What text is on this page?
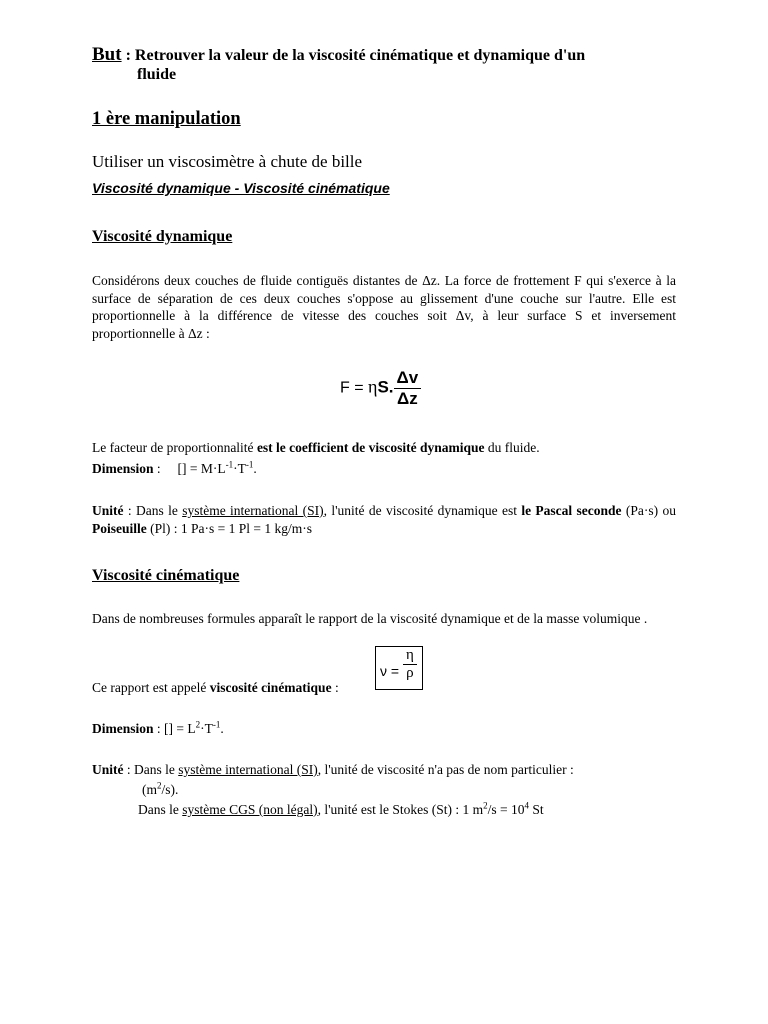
But : Retrouver la valeur de la viscosité cinématique et dynamique d'un
fluide
1 ère manipulation
Utiliser un viscosimètre à chute de bille
Viscosité dynamique - Viscosité cinématique
Viscosité dynamique
Considérons deux couches de fluide contiguës distantes de Δz. La force de frottement F qui s'exerce à la surface de séparation de ces deux couches s'oppose au glissement d'une couche sur l'autre. Elle est proportionnelle à la différence de vitesse des couches soit Δv, à leur surface S et inversement proportionnelle à Δz :
F = ηS. $\frac{\Delta v}{\Delta z}$
Le facteur de proportionnalité est le coefficient de viscosité dynamique du fluide.
Dimension :     [] = $M\cdot L^{-1}\cdot T^{-1}$.
Unité : Dans le système international (SI), l'unité de viscosité dynamique est le Pascal seconde (Pa·s) ou Poiseuille (Pl) : 1 Pa·s = 1 Pl = 1 kg/m·s
Viscosité cinématique
Dans de nombreuses formules apparaît le rapport de la viscosité dynamique et de la masse volumique .
$\nu = \frac{\eta}{\rho}$
Ce rapport est appelé viscosité cinématique :
Dimension : [] = $L^2\cdot T^{-1}$.
Unité : Dans le système international (SI), l'unité de viscosité n'a pas de nom particulier :
$(m^2/s)$.
Dans le système CGS (non légal), l'unité est le Stokes (St) : 1 $m^2/s = 10^4$ St
